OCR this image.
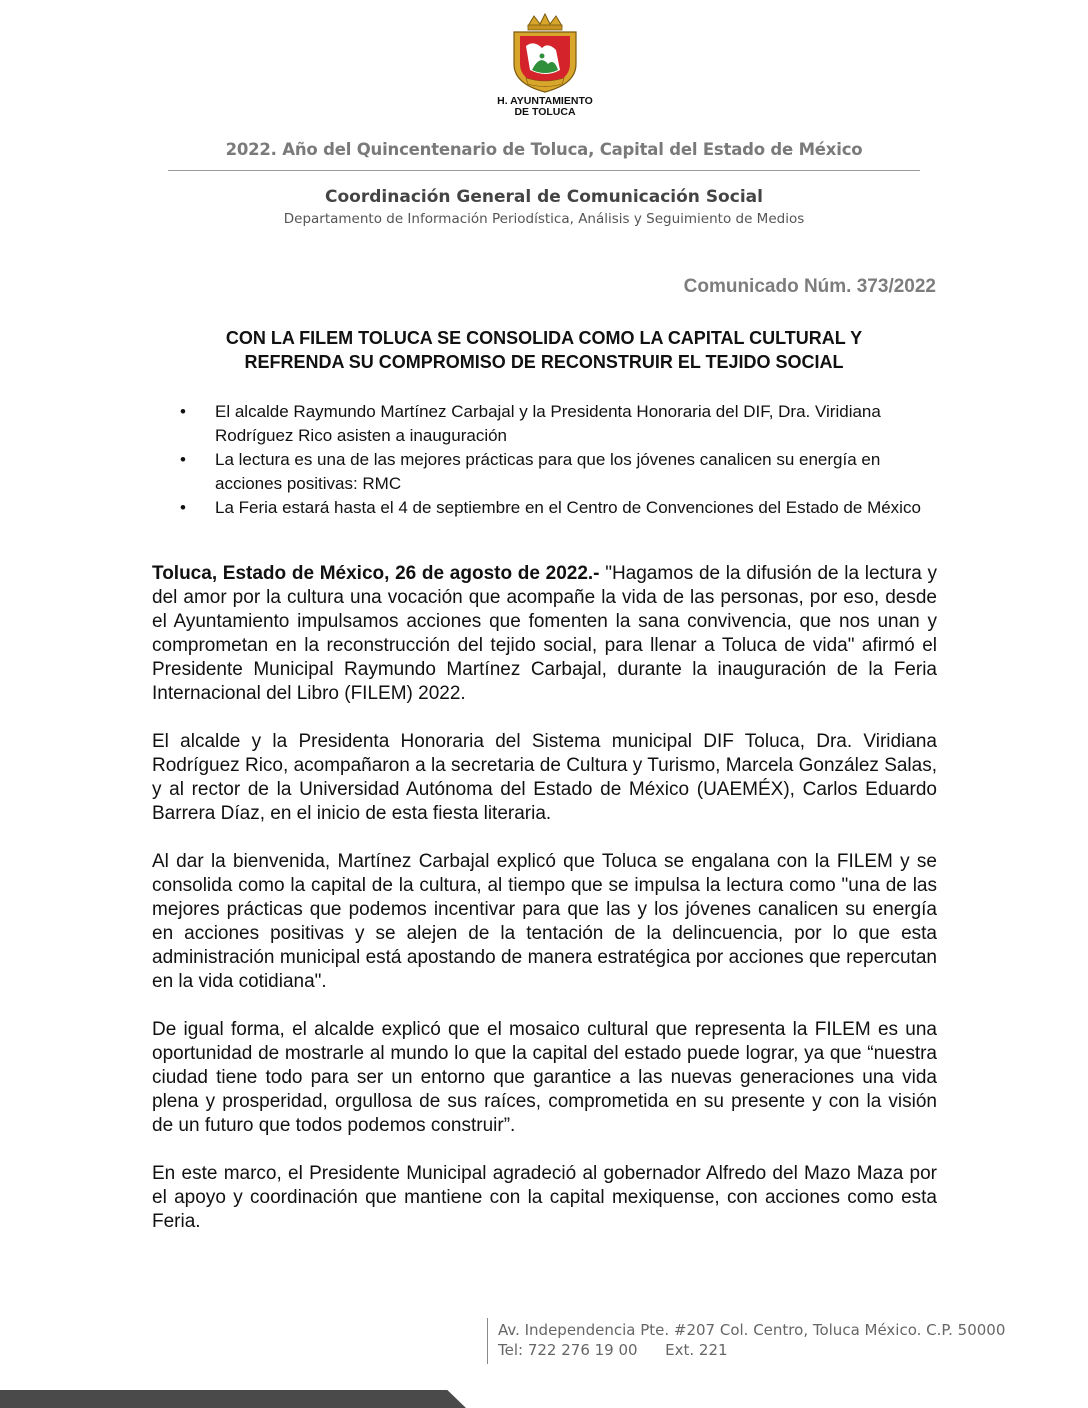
H. AYUNTAMIENTO
DE TOLUCA
2022. Año del Quincentenario de Toluca, Capital del Estado de México
Coordinación General de Comunicación Social
Departamento de Información Periodística, Análisis y Seguimiento de Medios
Comunicado Núm. 373/2022
CON LA FILEM TOLUCA SE CONSOLIDA COMO LA CAPITAL CULTURAL Y
REFRENDA SU COMPROMISO DE RECONSTRUIR EL TEJIDO SOCIAL
• El alcalde Raymundo Martínez Carbajal y la Presidenta Honoraria del DIF, Dra. Viridiana Rodríguez Rico asisten a inauguración
• La lectura es una de las mejores prácticas para que los jóvenes canalicen su energía en acciones positivas: RMC
• La Feria estará hasta el 4 de septiembre en el Centro de Convenciones del Estado de México

Toluca, Estado de México, 26 de agosto de 2022.- "Hagamos de la difusión de la lectura y del amor por la cultura una vocación que acompañe la vida de las personas, por eso, desde el Ayuntamiento impulsamos acciones que fomenten la sana convivencia, que nos unan y comprometan en la reconstrucción del tejido social, para llenar a Toluca de vida" afirmó el Presidente Municipal Raymundo Martínez Carbajal, durante la inauguración de la Feria Internacional del Libro (FILEM) 2022.

El alcalde y la Presidenta Honoraria del Sistema municipal DIF Toluca, Dra. Viridiana Rodríguez Rico, acompañaron a la secretaria de Cultura y Turismo, Marcela González Salas, y al rector de la Universidad Autónoma del Estado de México (UAEMÉX), Carlos Eduardo Barrera Díaz, en el inicio de esta fiesta literaria.

Al dar la bienvenida, Martínez Carbajal explicó que Toluca se engalana con la FILEM y se consolida como la capital de la cultura, al tiempo que se impulsa la lectura como "una de las mejores prácticas que podemos incentivar para que las y los jóvenes canalicen su energía en acciones positivas y se alejen de la tentación de la delincuencia, por lo que esta administración municipal está apostando de manera estratégica por acciones que repercutan en la vida cotidiana".

De igual forma, el alcalde explicó que el mosaico cultural que representa la FILEM es una oportunidad de mostrarle al mundo lo que la capital del estado puede lograr, ya que “nuestra ciudad tiene todo para ser un entorno que garantice a las nuevas generaciones una vida plena y prosperidad, orgullosa de sus raíces, comprometida en su presente y con la visión de un futuro que todos podemos construir”.

En este marco, el Presidente Municipal agradeció al gobernador Alfredo del Mazo Maza por el apoyo y coordinación que mantiene con la capital mexiquense, con acciones como esta Feria.

Av. Independencia Pte. #207 Col. Centro, Toluca México. C.P. 50000
Tel: 722 276 19 00 Ext. 221
